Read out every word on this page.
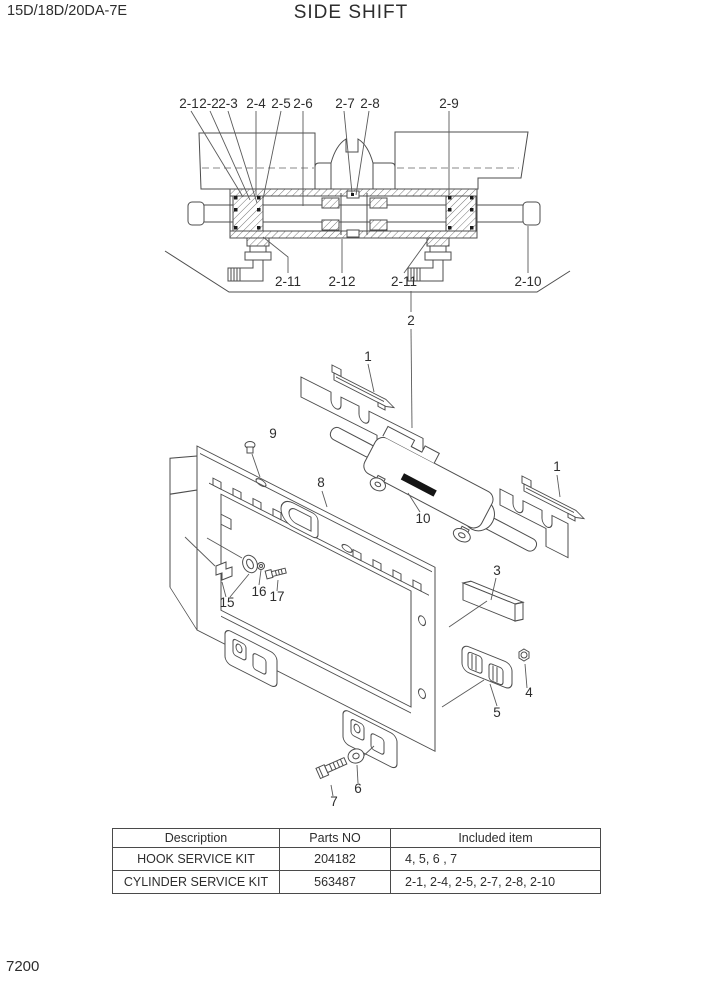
15D/18D/20DA-7E	SIDE SHIFT
2-1 2-2 2-3 2-4 2-5 2-6 2-7 2-8	2-9
2-11 2-12	2-11	2-10
2
1
1
9
8
10
3
15
16 17
4
5
6
7
Description	Parts NO	Included item
HOOK SERVICE KIT	204182	4, 5, 6 , 7
CYLINDER SERVICE KIT	563487	2-1, 2-4, 2-5, 2-7, 2-8, 2-10
7200
